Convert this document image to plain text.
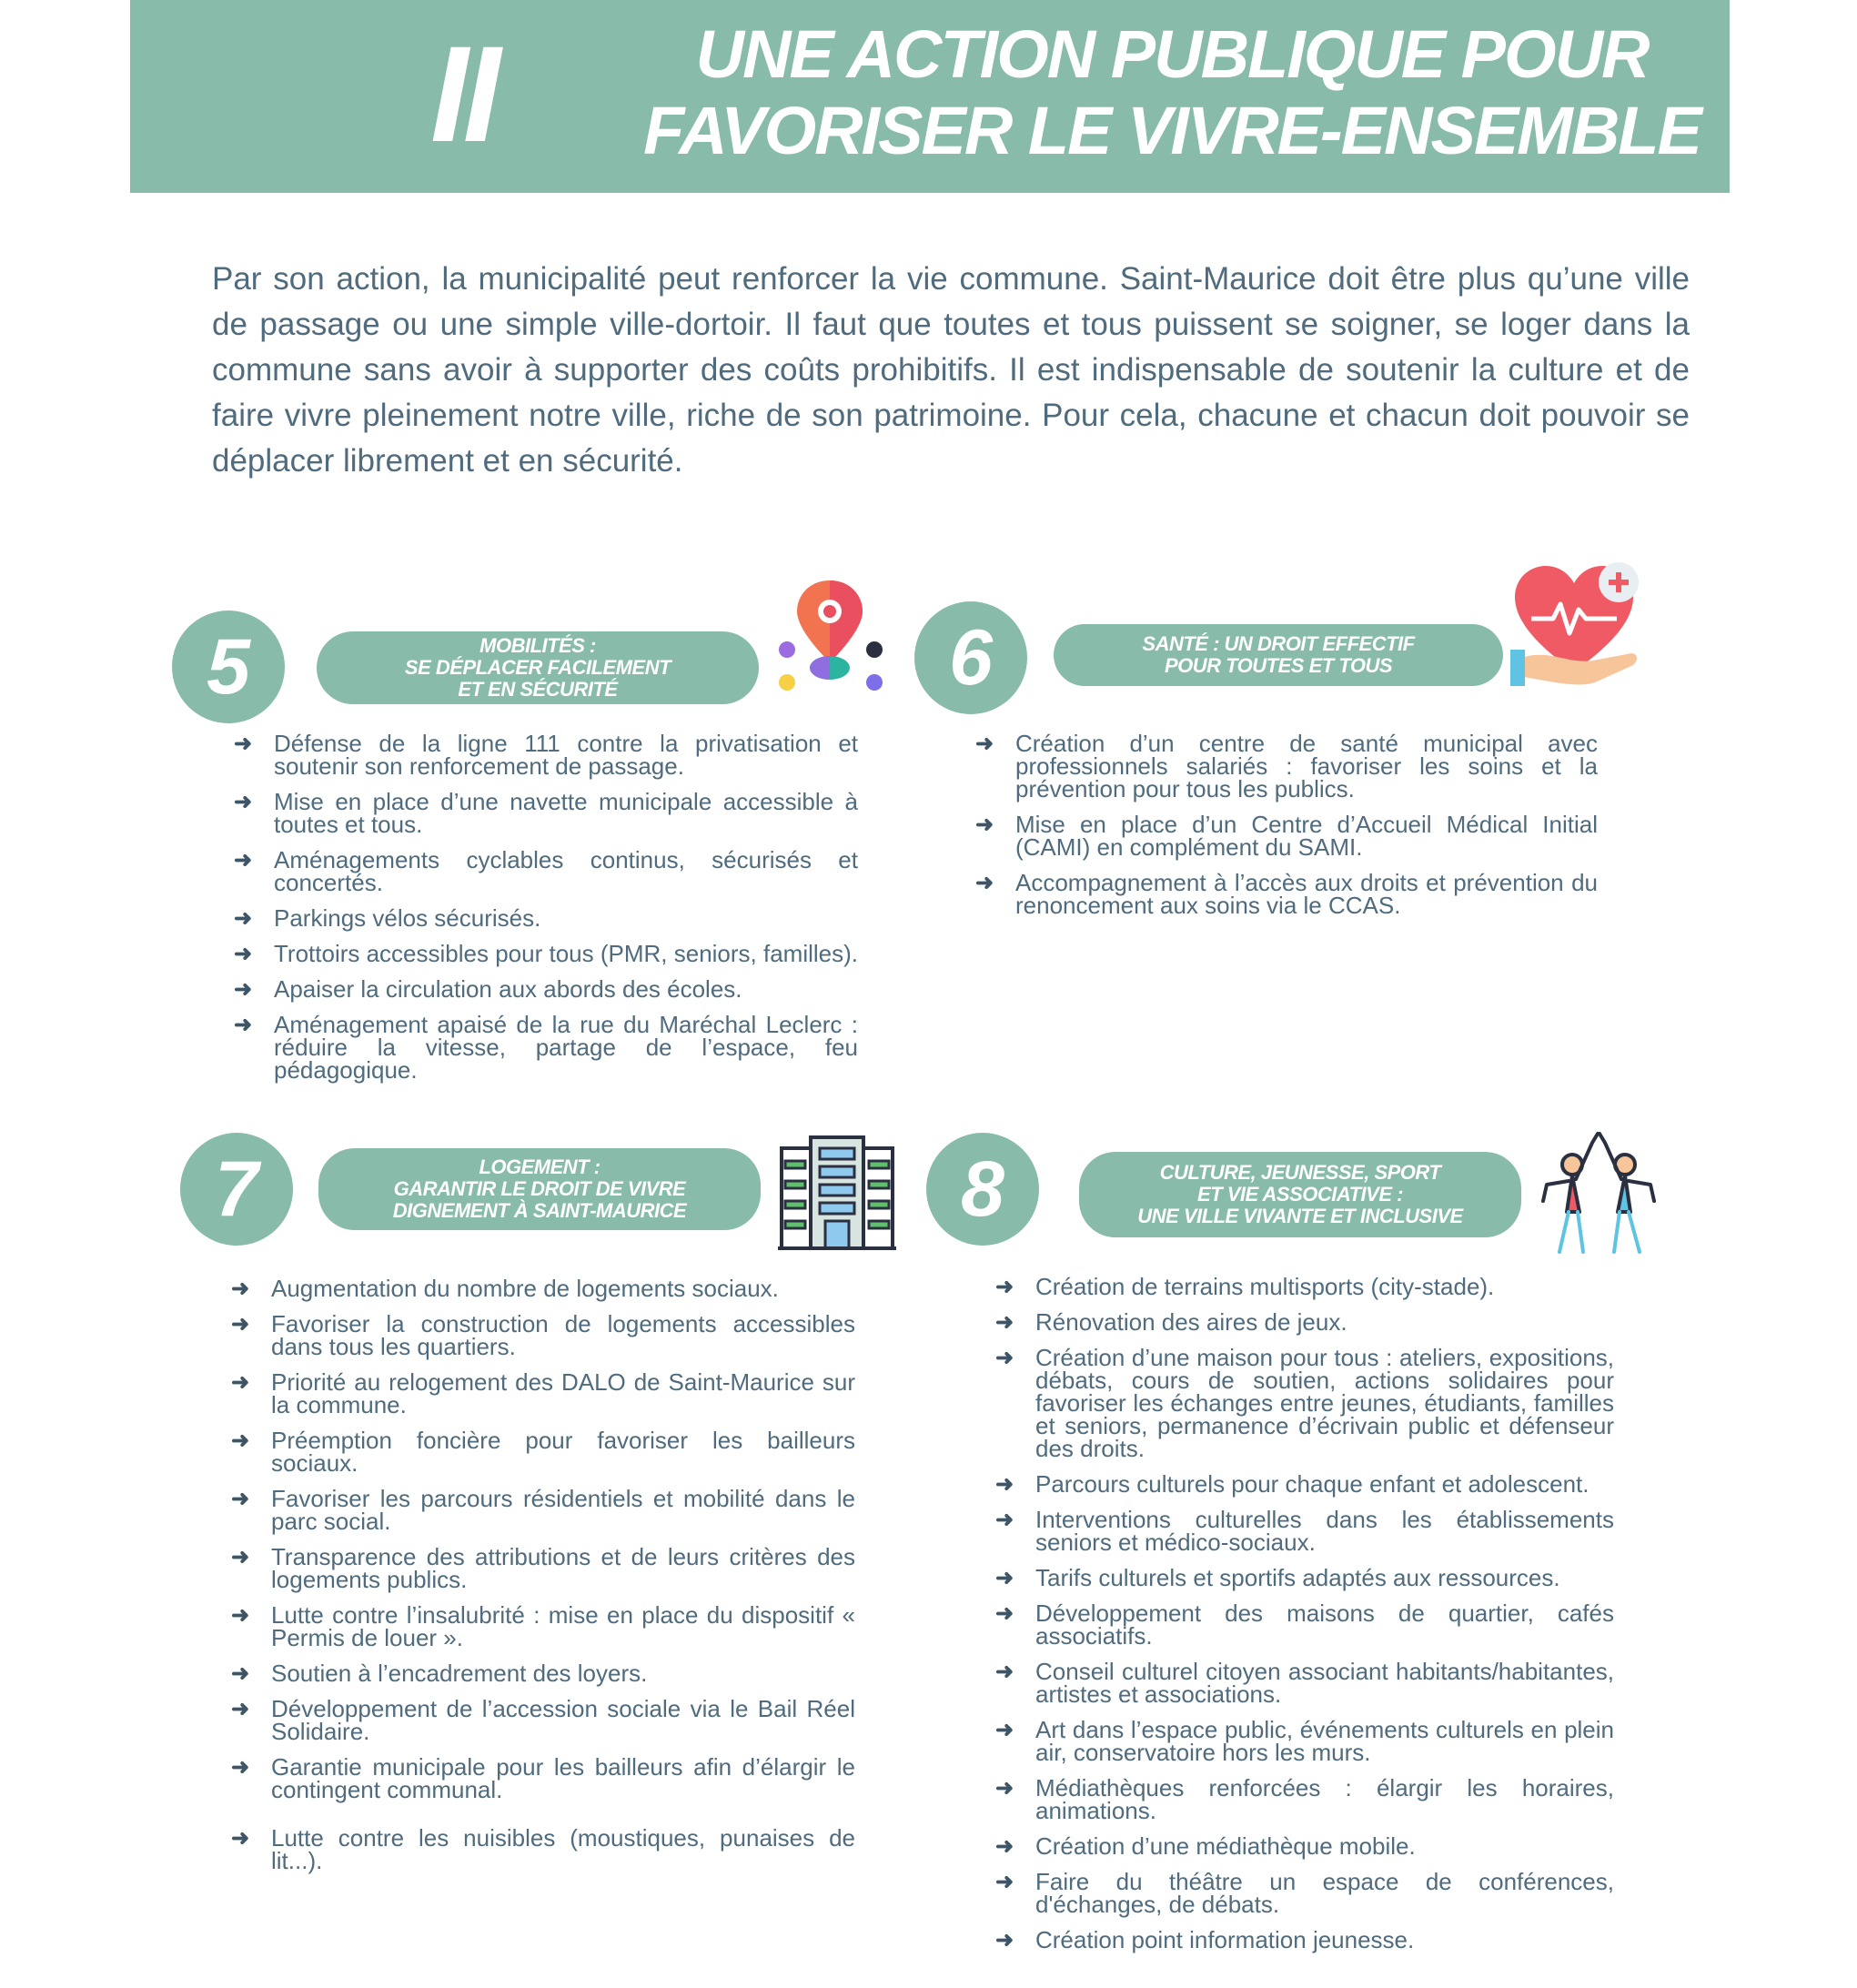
II	UNE ACTION PUBLIQUE POUR
FAVORISER LE VIVRE-ENSEMBLE

Par son action, la municipalité peut renforcer la vie commune. Saint-Maurice doit être plus qu’une ville de passage ou une simple ville-dortoir. Il faut que toutes et tous puissent se soigner, se loger dans la commune sans avoir à supporter des coûts prohibitifs. Il est indispensable de soutenir la culture et de faire vivre pleinement notre ville, riche de son patrimoine. Pour cela, chacune et chacun doit pouvoir se déplacer librement et en sécurité.

5	MOBILITÉS :
SE DÉPLACER FACILEMENT
ET EN SÉCURITÉ
➜ Défense de la ligne 111 contre la privatisation et soutenir son renforcement de passage.
➜ Mise en place d’une navette municipale accessible à toutes et tous.
➜ Aménagements cyclables continus, sécurisés et concertés.
➜ Parkings vélos sécurisés.
➜ Trottoirs accessibles pour tous (PMR, seniors, familles).
➜ Apaiser la circulation aux abords des écoles.
➜ Aménagement apaisé de la rue du Maréchal Leclerc : réduire la vitesse, partage de l’espace, feu pédagogique.
6	SANTÉ : UN DROIT EFFECTIF
POUR TOUTES ET TOUS
➜ Création d’un centre de santé municipal avec professionnels salariés : favoriser les soins et la prévention pour tous les publics.
➜ Mise en place d’un Centre d’Accueil Médical Initial (CAMI) en complément du SAMI.
➜ Accompagnement à l’accès aux droits et prévention du renoncement aux soins via le CCAS.
7	LOGEMENT :
GARANTIR LE DROIT DE VIVRE
DIGNEMENT À SAINT-MAURICE
➜ Augmentation du nombre de logements sociaux.
➜ Favoriser la construction de logements accessibles dans tous les quartiers.
➜ Priorité au relogement des DALO de Saint-Maurice sur la commune.
➜ Préemption foncière pour favoriser les bailleurs sociaux.
➜ Favoriser les parcours résidentiels et mobilité dans le parc social.
➜ Transparence des attributions et de leurs critères des logements publics.
➜ Lutte contre l’insalubrité : mise en place du dispositif « Permis de louer ».
➜ Soutien à l’encadrement des loyers.
➜ Développement de l’accession sociale via le Bail Réel Solidaire.
➜ Garantie municipale pour les bailleurs afin d’élargir le contingent communal.
➜ Lutte contre les nuisibles (moustiques, punaises de lit...).
8	CULTURE, JEUNESSE, SPORT
ET VIE ASSOCIATIVE :
UNE VILLE VIVANTE ET INCLUSIVE
➜ Création de terrains multisports (city-stade).
➜ Rénovation des aires de jeux.
➜ Création d’une maison pour tous : ateliers, expositions, débats, cours de soutien, actions solidaires pour favoriser les échanges entre jeunes, étudiants, familles et seniors, permanence d’écrivain public et défenseur des droits.
➜ Parcours culturels pour chaque enfant et adolescent.
➜ Interventions culturelles dans les établissements seniors et médico-sociaux.
➜ Tarifs culturels et sportifs adaptés aux ressources.
➜ Développement des maisons de quartier, cafés associatifs.
➜ Conseil culturel citoyen associant habitants/habitantes, artistes et associations.
➜ Art dans l’espace public, événements culturels en plein air, conservatoire hors les murs.
➜ Médiathèques renforcées : élargir les horaires, animations.
➜ Création d’une médiathèque mobile.
➜ Faire du théâtre un espace de conférences, d'échanges, de débats.
➜ Création point information jeunesse.
